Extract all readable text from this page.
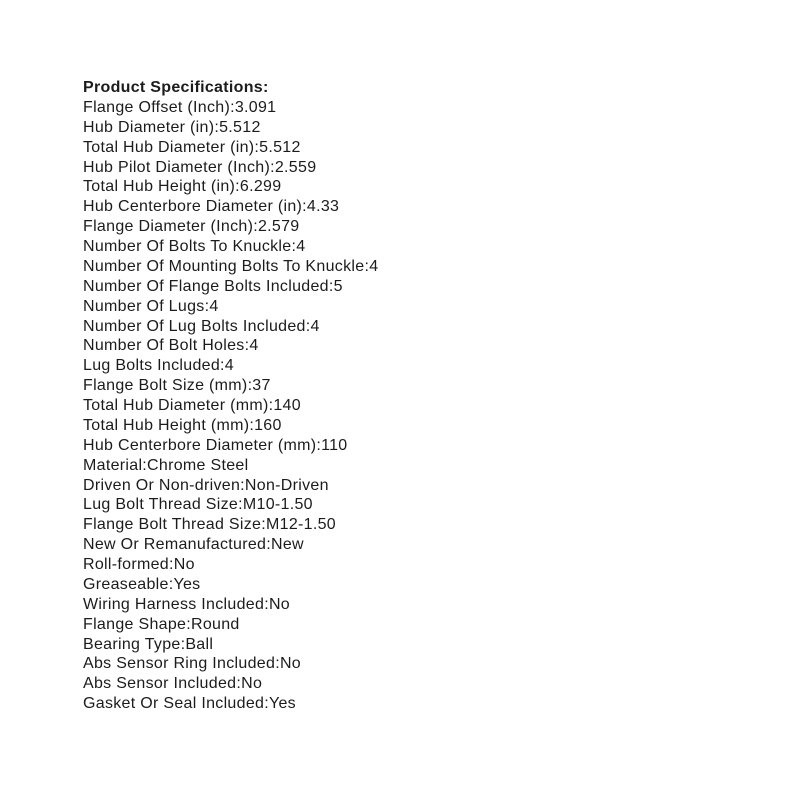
Product Specifications:
Flange Offset (Inch):3.091
Hub Diameter (in):5.512
Total Hub Diameter (in):5.512
Hub Pilot Diameter (Inch):2.559
Total Hub Height (in):6.299
Hub Centerbore Diameter (in):4.33
Flange Diameter (Inch):2.579
Number Of Bolts To Knuckle:4
Number Of Mounting Bolts To Knuckle:4
Number Of Flange Bolts Included:5
Number Of Lugs:4
Number Of Lug Bolts Included:4
Number Of Bolt Holes:4
Lug Bolts Included:4
Flange Bolt Size (mm):37
Total Hub Diameter (mm):140
Total Hub Height (mm):160
Hub Centerbore Diameter (mm):110
Material:Chrome Steel
Driven Or Non-driven:Non-Driven
Lug Bolt Thread Size:M10-1.50
Flange Bolt Thread Size:M12-1.50
New Or Remanufactured:New
Roll-formed:No
Greaseable:Yes
Wiring Harness Included:No
Flange Shape:Round
Bearing Type:Ball
Abs Sensor Ring Included:No
Abs Sensor Included:No
Gasket Or Seal Included:Yes
